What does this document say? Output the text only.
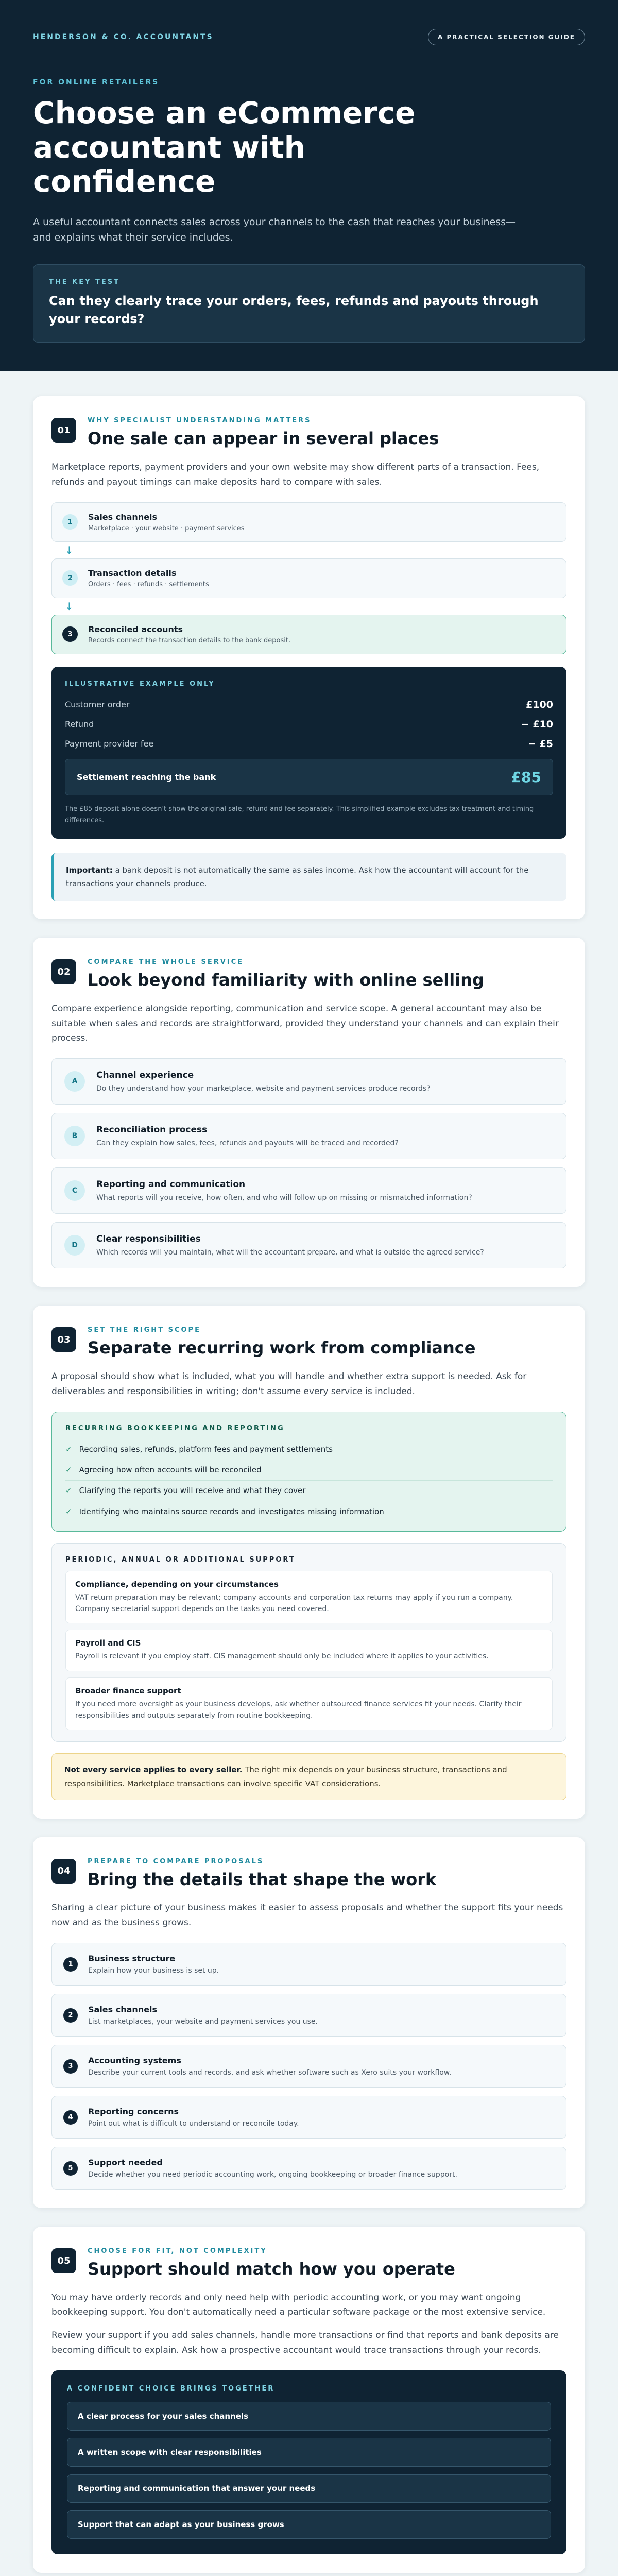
HENDERSON & CO. ACCOUNTANTS	A PRACTICAL SELECTION GUIDE
FOR ONLINE RETAILERS
Choose an eCommerce accountant with confidence

A useful accountant connects sales across your channels to the cash that reaches your business—and explains what their service includes.

THE KEY TEST
Can they clearly trace your orders, fees, refunds and payouts through your records?
01
WHY SPECIALIST UNDERSTANDING MATTERS
One sale can appear in several places

Marketplace reports, payment providers and your own website may show different parts of a transaction. Fees, refunds and payout timings can make deposits hard to compare with sales.

1
Sales channels
Marketplace · your website · payment services
↓
2
Transaction details
Orders · fees · refunds · settlements
↓
3
Reconciled accounts
Records connect the transaction details to the bank deposit.
ILLUSTRATIVE EXAMPLE ONLY
Customer order	£100
Refund	− £10
Payment provider fee	− £5
Settlement reaching the bank	£85

The £85 deposit alone doesn't show the original sale, refund and fee separately. This simplified example excludes tax treatment and timing differences.

Important: a bank deposit is not automatically the same as sales income. Ask how the accountant will account for the transactions your channels produce.
02
COMPARE THE WHOLE SERVICE
Look beyond familiarity with online selling

Compare experience alongside reporting, communication and service scope. A general accountant may also be suitable when sales and records are straightforward, provided they understand your channels and can explain their process.

A
Channel experience
Do they understand how your marketplace, website and payment services produce records?
B
Reconciliation process
Can they explain how sales, fees, refunds and payouts will be traced and recorded?
C
Reporting and communication
What reports will you receive, how often, and who will follow up on missing or mismatched information?
D
Clear responsibilities
Which records will you maintain, what will the accountant prepare, and what is outside the agreed service?
03
SET THE RIGHT SCOPE
Separate recurring work from compliance

A proposal should show what is included, what you will handle and whether extra support is needed. Ask for deliverables and responsibilities in writing; don't assume every service is included.

RECURRING BOOKKEEPING AND REPORTING
✓ Recording sales, refunds, platform fees and payment settlements
✓ Agreeing how often accounts will be reconciled
✓ Clarifying the reports you will receive and what they cover
✓ Identifying who maintains source records and investigates missing information
PERIODIC, ANNUAL OR ADDITIONAL SUPPORT
Compliance, depending on your circumstances
VAT return preparation may be relevant; company accounts and corporation tax returns may apply if you run a company. Company secretarial support depends on the tasks you need covered.
Payroll and CIS
Payroll is relevant if you employ staff. CIS management should only be included where it applies to your activities.
Broader finance support
If you need more oversight as your business develops, ask whether outsourced finance services fit your needs. Clarify their responsibilities and outputs separately from routine bookkeeping.
Not every service applies to every seller. The right mix depends on your business structure, transactions and responsibilities. Marketplace transactions can involve specific VAT considerations.
04
PREPARE TO COMPARE PROPOSALS
Bring the details that shape the work

Sharing a clear picture of your business makes it easier to assess proposals and whether the support fits your needs now and as the business grows.

1
Business structure
Explain how your business is set up.
2
Sales channels
List marketplaces, your website and payment services you use.
3
Accounting systems
Describe your current tools and records, and ask whether software such as Xero suits your workflow.
4
Reporting concerns
Point out what is difficult to understand or reconcile today.
5
Support needed
Decide whether you need periodic accounting work, ongoing bookkeeping or broader finance support.
05
CHOOSE FOR FIT, NOT COMPLEXITY
Support should match how you operate

You may have orderly records and only need help with periodic accounting work, or you may want ongoing bookkeeping support. You don't automatically need a particular software package or the most extensive service.

Review your support if you add sales channels, handle more transactions or find that reports and bank deposits are becoming difficult to explain. Ask how a prospective accountant would trace transactions through your records.

A CONFIDENT CHOICE BRINGS TOGETHER
A clear process for your sales channels
A written scope with clear responsibilities
Reporting and communication that answer your needs
Support that can adapt as your business grows
